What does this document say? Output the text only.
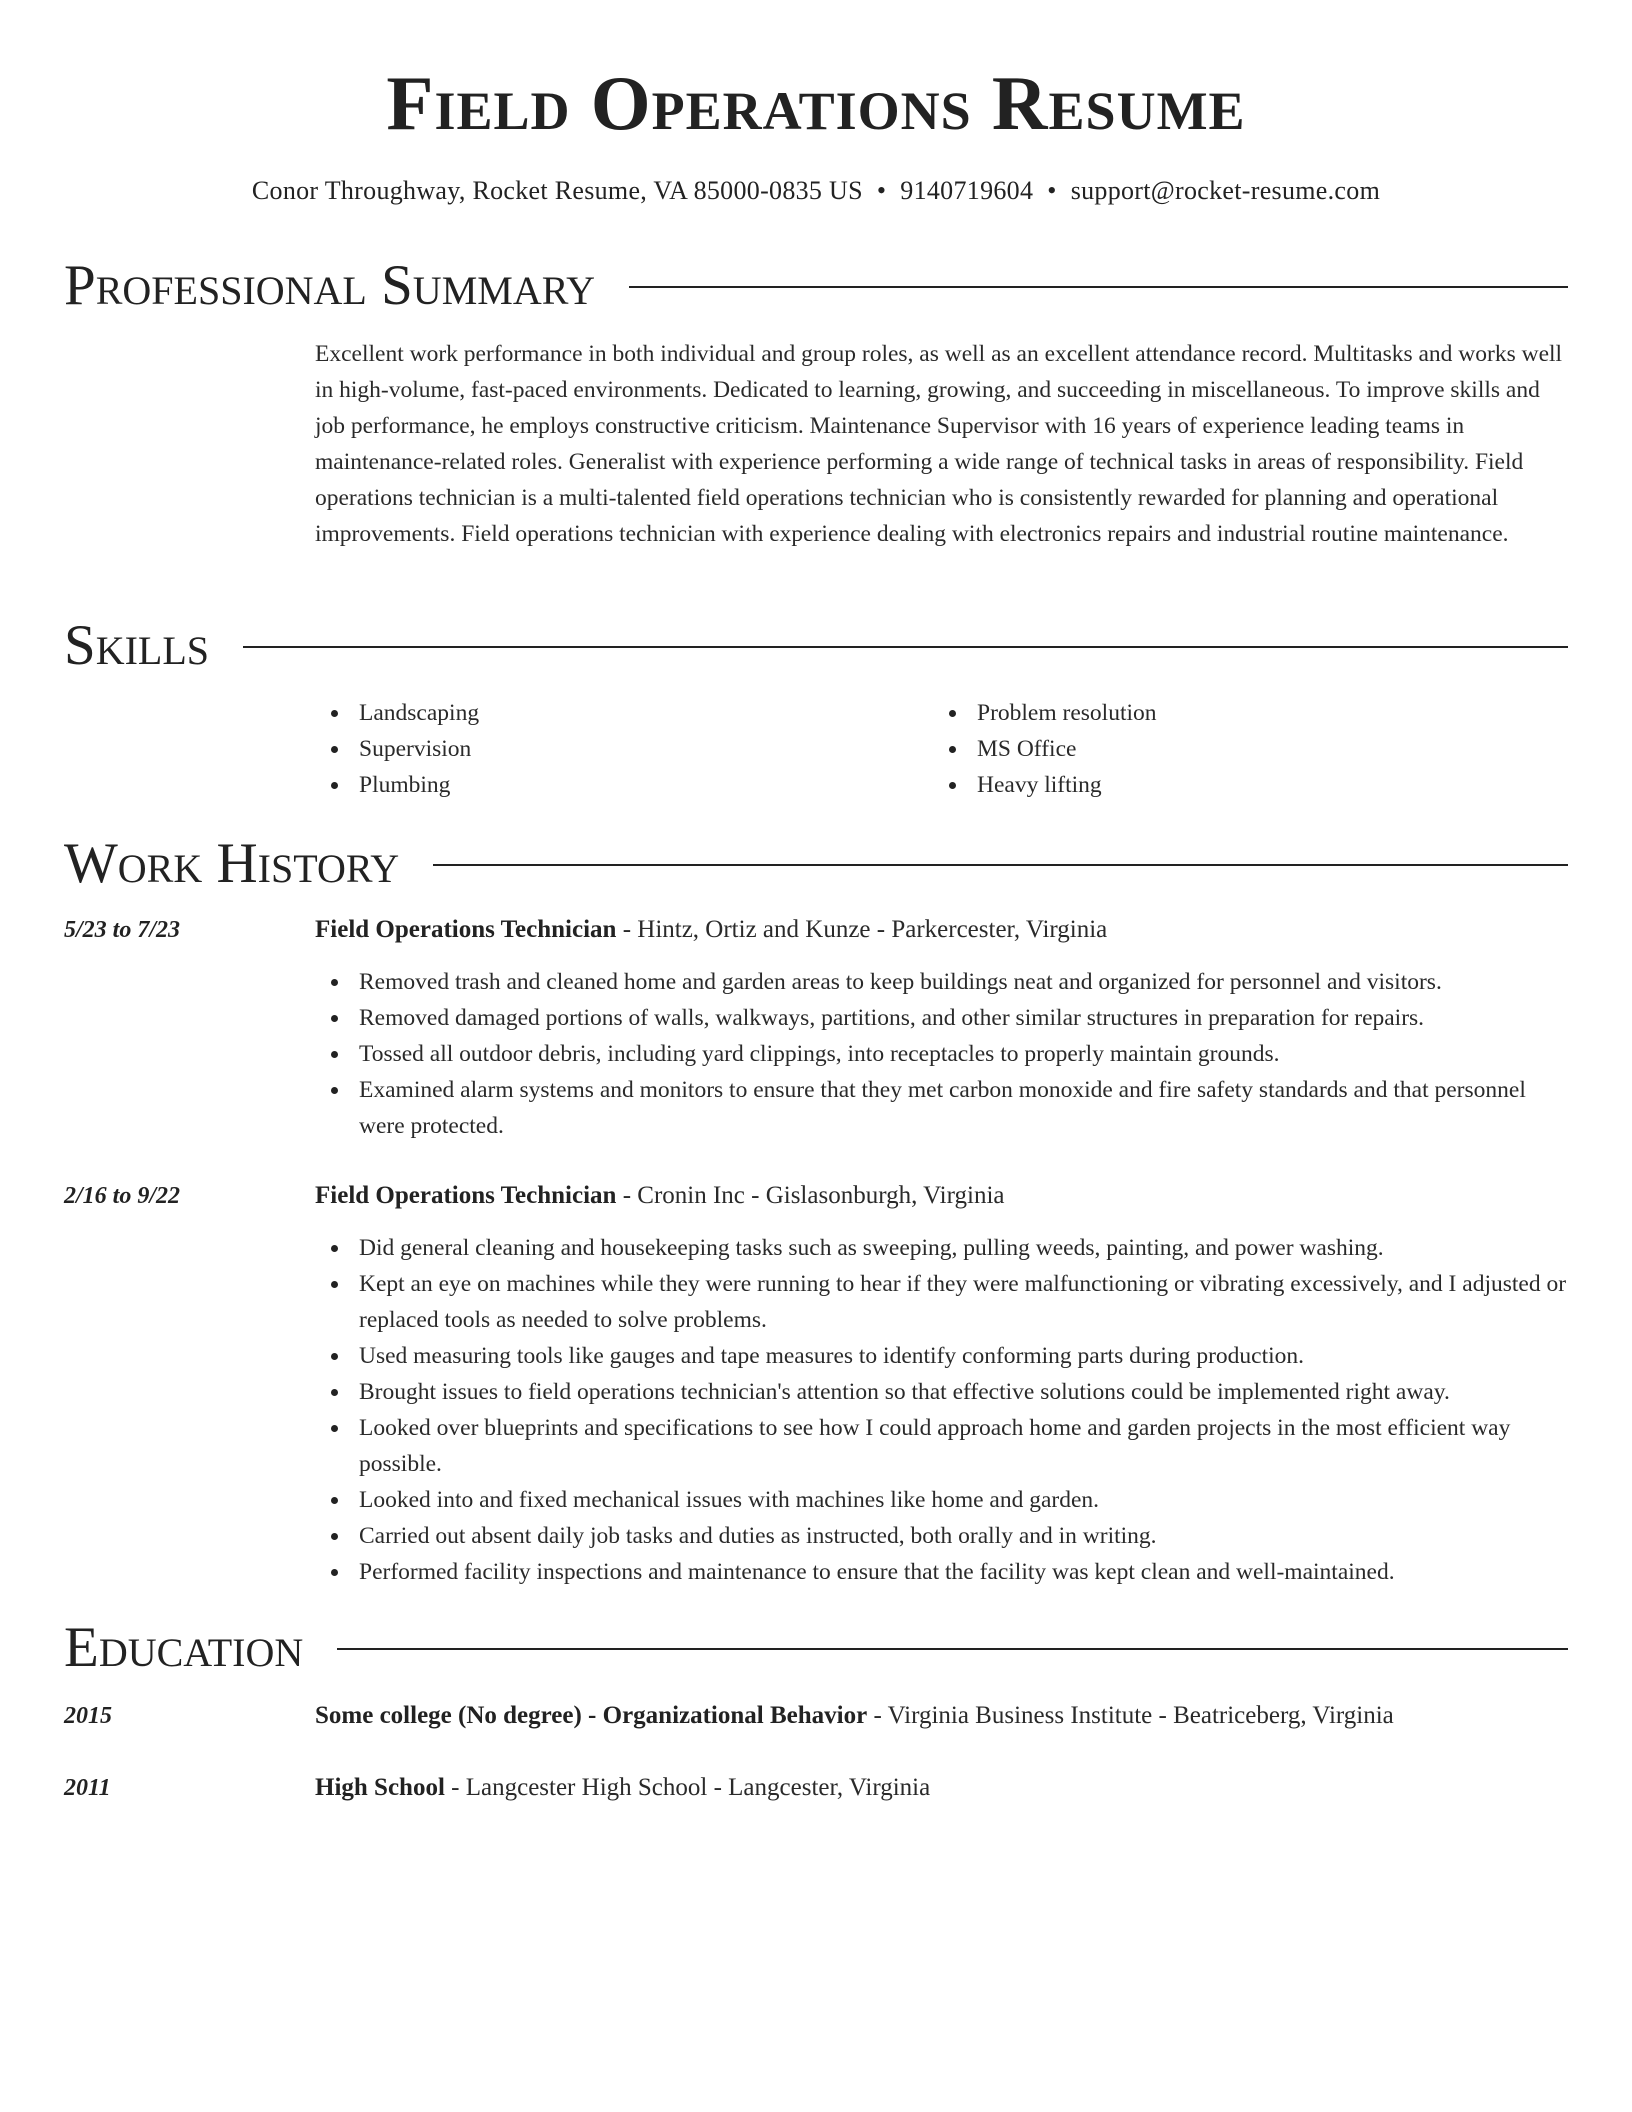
Field Operations Resume
Conor Throughway, Rocket Resume, VA 85000-0835 US • 9140719604 • support@rocket-resume.com
Professional Summary

Excellent work performance in both individual and group roles, as well as an excellent attendance record. Multitasks and works well in high-volume, fast-paced environments. Dedicated to learning, growing, and succeeding in miscellaneous. To improve skills and job performance, he employs constructive criticism. Maintenance Supervisor with 16 years of experience leading teams in maintenance-related roles. Generalist with experience performing a wide range of technical tasks in areas of responsibility. Field operations technician is a multi-talented field operations technician who is consistently rewarded for planning and operational improvements. Field operations technician with experience dealing with electronics repairs and industrial routine maintenance.

Skills
Landscaping
Supervision
Plumbing
Problem resolution
MS Office
Heavy lifting
Work History
5/23 to 7/23	Field Operations Technician - Hintz, Ortiz and Kunze - Parkercester, Virginia
Removed trash and cleaned home and garden areas to keep buildings neat and organized for personnel and visitors.
Removed damaged portions of walls, walkways, partitions, and other similar structures in preparation for repairs.
Tossed all outdoor debris, including yard clippings, into receptacles to properly maintain grounds.
Examined alarm systems and monitors to ensure that they met carbon monoxide and fire safety standards and that personnel were protected.
2/16 to 9/22	Field Operations Technician - Cronin Inc - Gislasonburgh, Virginia
Did general cleaning and housekeeping tasks such as sweeping, pulling weeds, painting, and power washing.
Kept an eye on machines while they were running to hear if they were malfunctioning or vibrating excessively, and I adjusted or replaced tools as needed to solve problems.
Used measuring tools like gauges and tape measures to identify conforming parts during production.
Brought issues to field operations technician's attention so that effective solutions could be implemented right away.
Looked over blueprints and specifications to see how I could approach home and garden projects in the most efficient way possible.
Looked into and fixed mechanical issues with machines like home and garden.
Carried out absent daily job tasks and duties as instructed, both orally and in writing.
Performed facility inspections and maintenance to ensure that the facility was kept clean and well-maintained.
Education
2015	Some college (No degree) - Organizational Behavior - Virginia Business Institute - Beatriceberg, Virginia
2011	High School - Langcester High School - Langcester, Virginia
